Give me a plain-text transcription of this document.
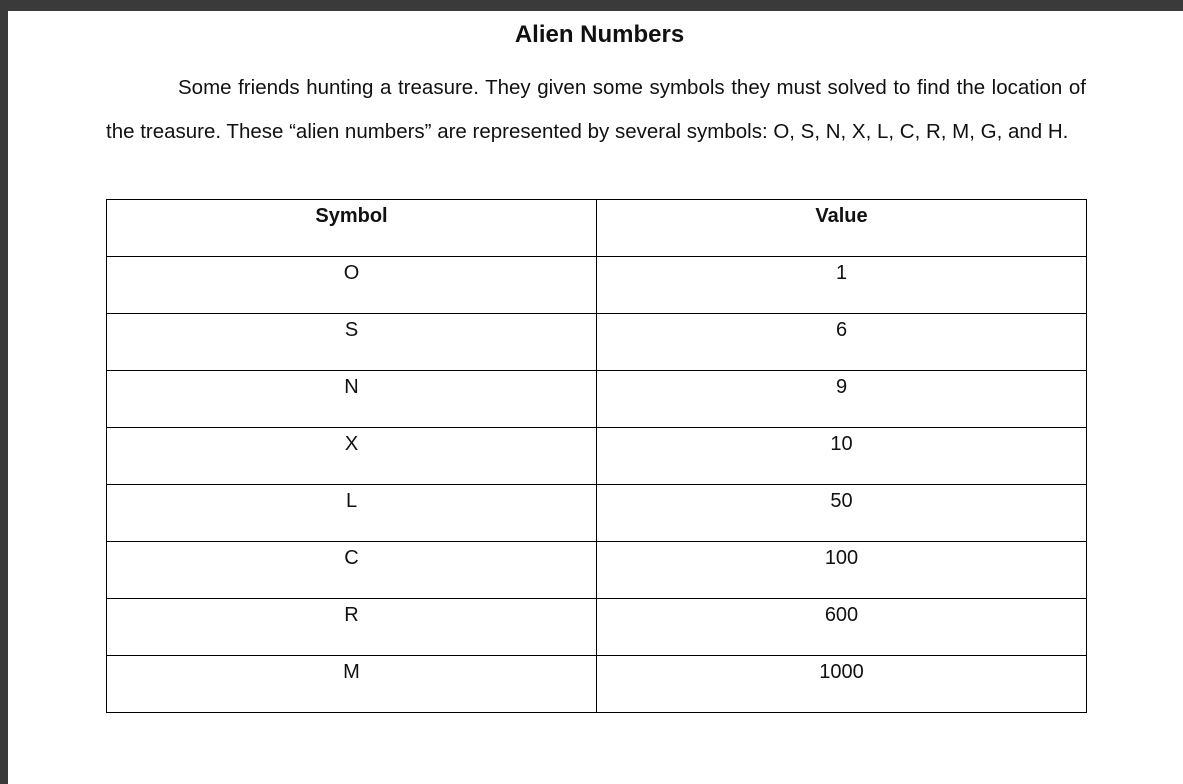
Alien Numbers

Some friends hunting a treasure. They given some symbols they must solved to find the location of the treasure. These “alien numbers” are represented by several symbols: O, S, N, X, L, C, R, M, G, and H.

Symbol	Value
O	1
S	6
N	9
X	10
L	50
C	100
R	600
M	1000
